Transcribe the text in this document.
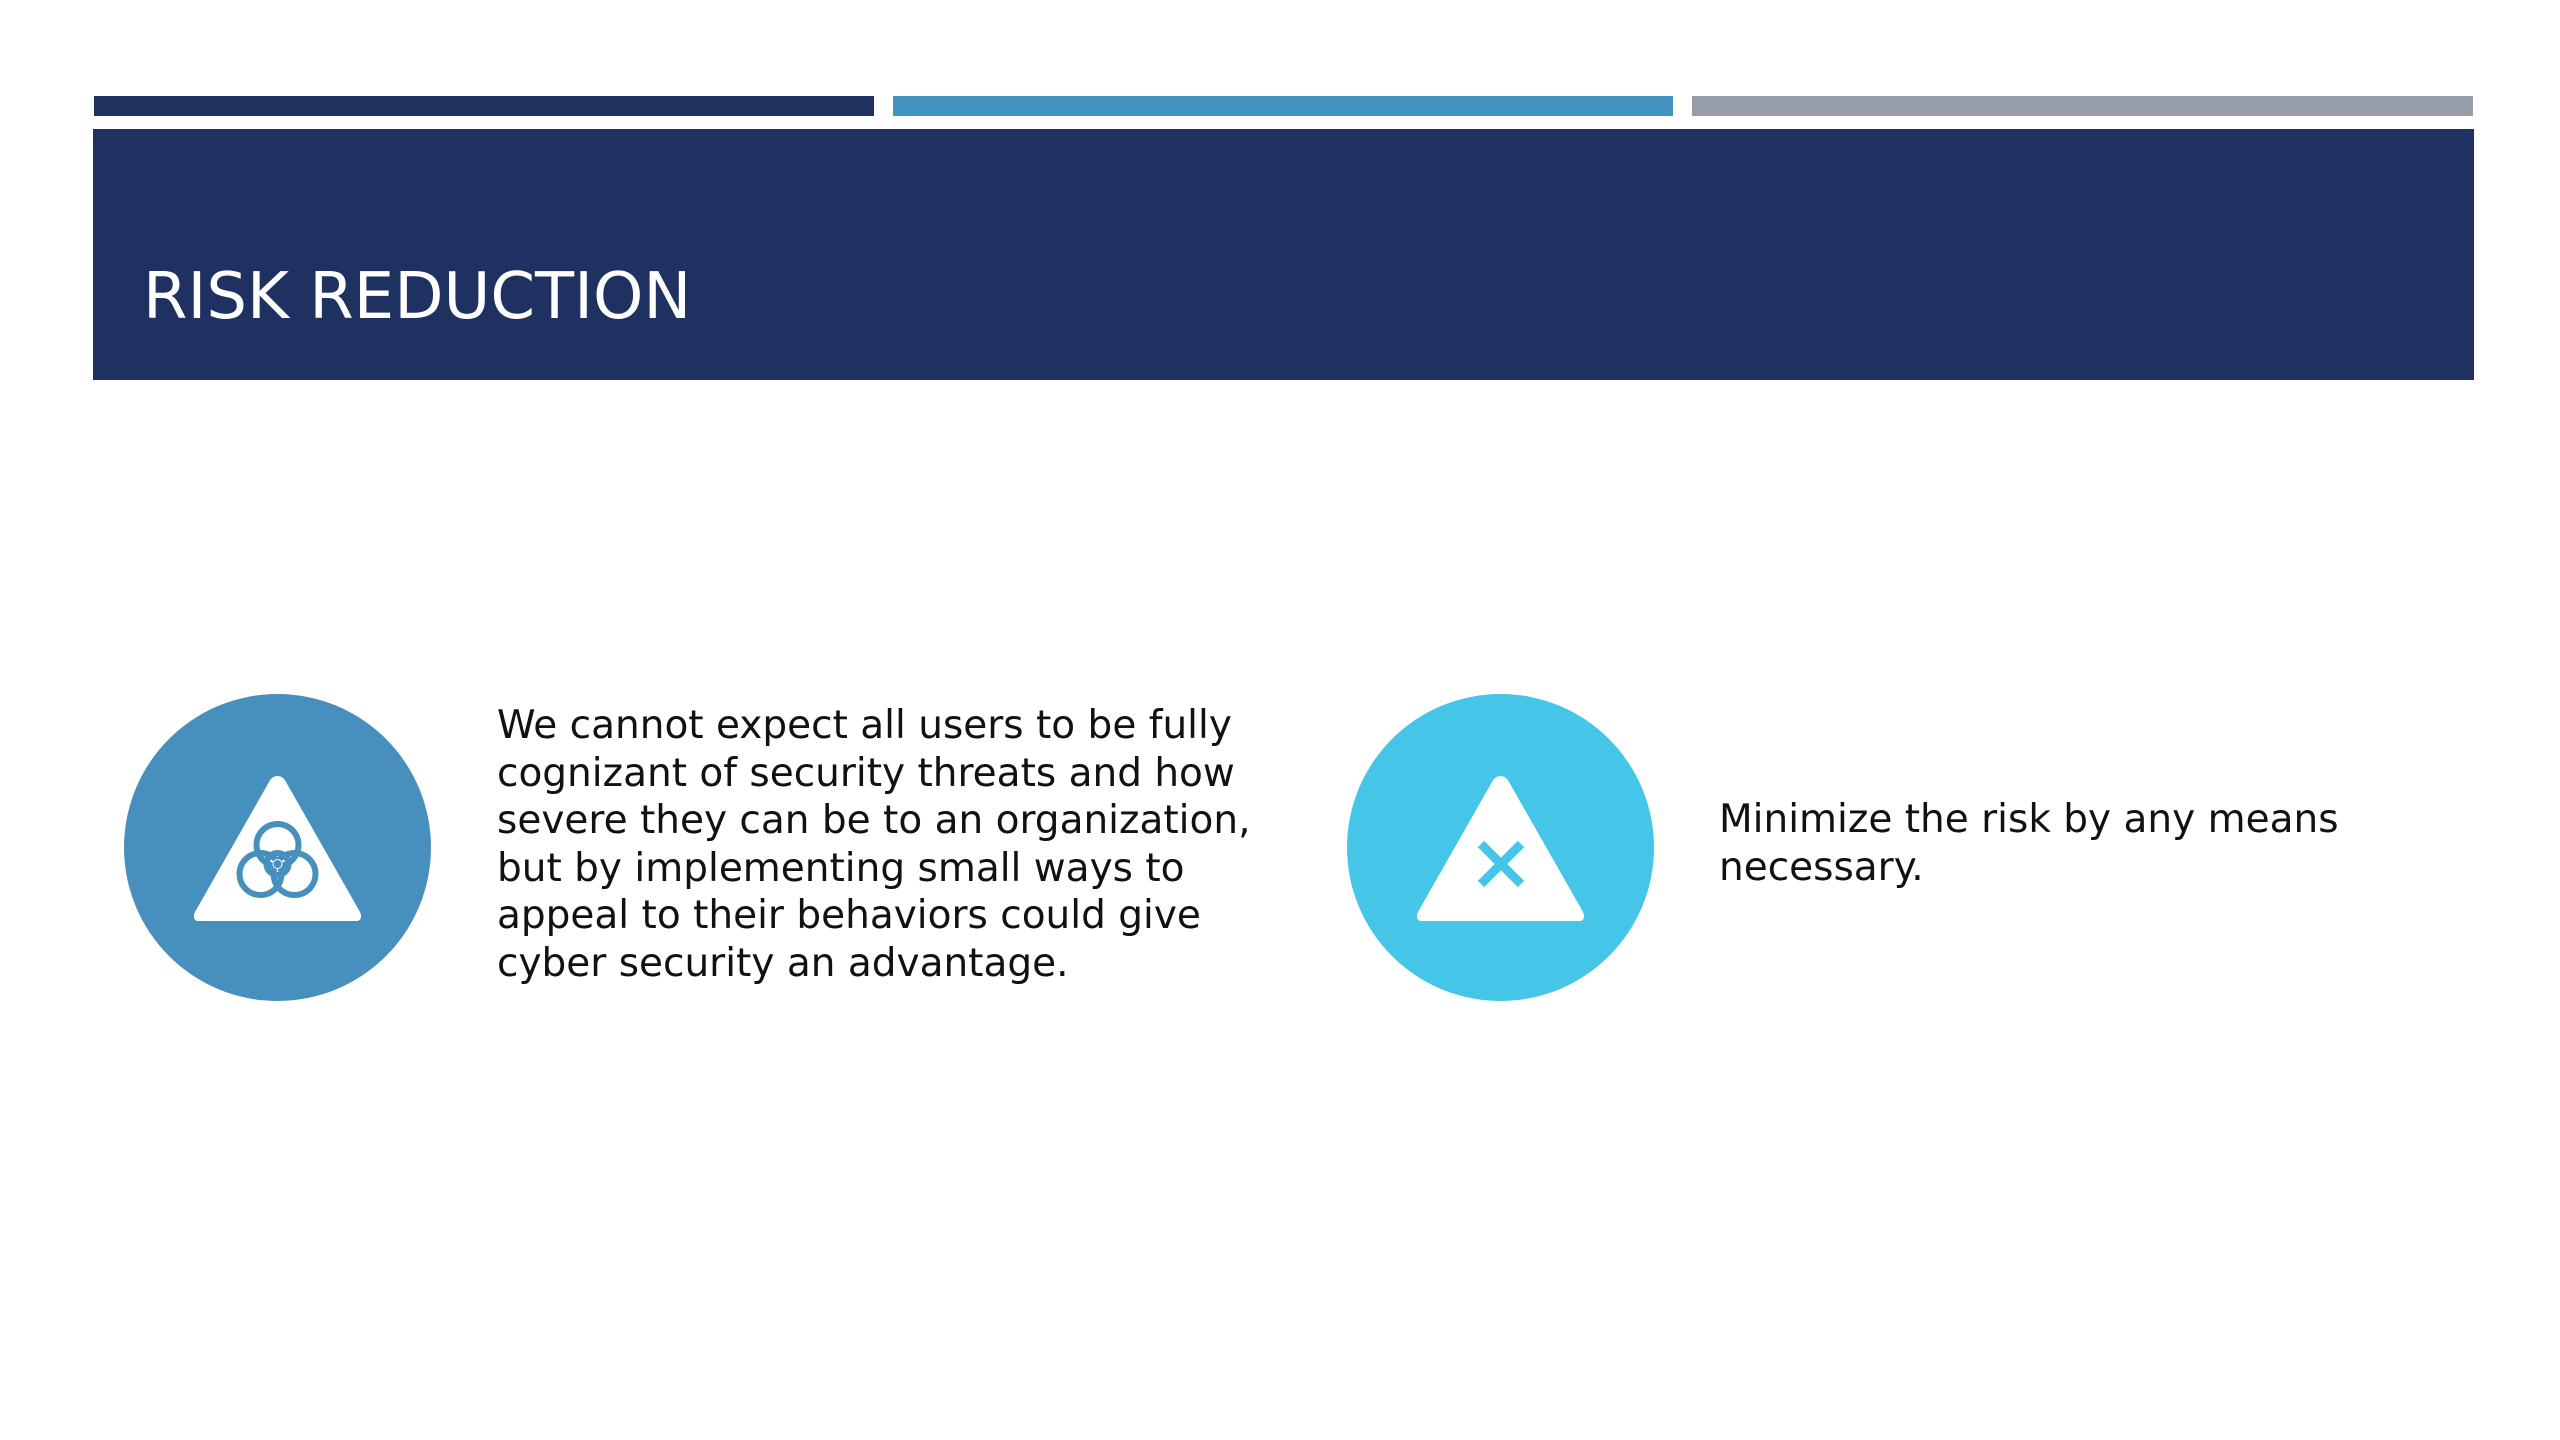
RISK REDUCTION

We cannot expect all users to be fully cognizant of security threats and how severe they can be to an organization, but by implementing small ways to appeal to their behaviors could give cyber security an advantage.

Minimize the risk by any means necessary.
